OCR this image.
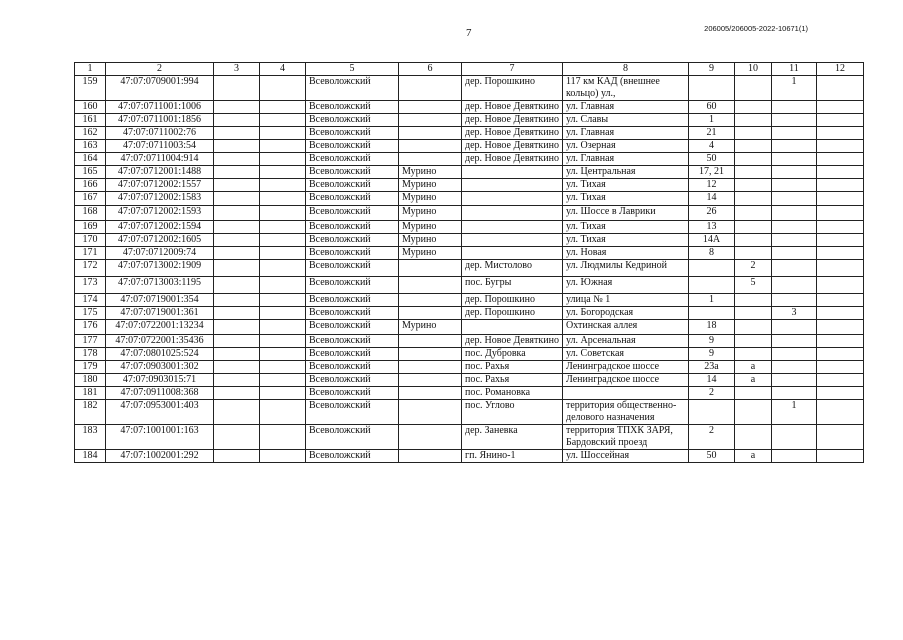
7	206005/206005-2022-10671(1)
1	2	3	4	5	6	7	8	9	10	11	12
159	47:07:0709001:994			Всеволожский		дер. Порошкино	117 км КАД (внешнее кольцо) ул.,			1	
160	47:07:0711001:1006			Всеволожский		дер. Новое Девяткино	ул. Главная	60			
161	47:07:0711001:1856			Всеволожский		дер. Новое Девяткино	ул. Славы	1			
162	47:07:0711002:76			Всеволожский		дер. Новое Девяткино	ул. Главная	21			
163	47:07:0711003:54			Всеволожский		дер. Новое Девяткино	ул. Озерная	4			
164	47:07:0711004:914			Всеволожский		дер. Новое Девяткино	ул. Главная	50			
165	47:07:0712001:1488			Всеволожский	Мурино		ул. Центральная	17, 21			
166	47:07:0712002:1557			Всеволожский	Мурино		ул. Тихая	12			
167	47:07:0712002:1583			Всеволожский	Мурино		ул. Тихая	14			
168	47:07:0712002:1593			Всеволожский	Мурино		ул. Шоссе в Лаврики	26			
169	47:07:0712002:1594			Всеволожский	Мурино		ул. Тихая	13			
170	47:07:0712002:1605			Всеволожский	Мурино		ул. Тихая	14А			
171	47:07:0712009:74			Всеволожский	Мурино		ул. Новая	8			
172	47:07:0713002:1909			Всеволожский		дер. Мистолово	ул. Людмилы Кедриной		2		
173	47:07:0713003:1195			Всеволожский		пос. Бугры	ул. Южная		5		
174	47:07:0719001:354			Всеволожский		дер. Порошкино	улица № 1	1			
175	47:07:0719001:361			Всеволожский		дер. Порошкино	ул. Богородская			3	
176	47:07:0722001:13234			Всеволожский	Мурино		Охтинская аллея	18			
177	47:07:0722001:35436			Всеволожский		дер. Новое Девяткино	ул. Арсенальная	9			
178	47:07:0801025:524			Всеволожский		пос. Дубровка	ул. Советская	9			
179	47:07:0903001:302			Всеволожский		пос. Рахья	Ленинградское шоссе	23а	а		
180	47:07:0903015:71			Всеволожский		пос. Рахья	Ленинградское шоссе	14	а		
181	47:07:0911008:368			Всеволожский		пос. Романовка		2			
182	47:07:0953001:403			Всеволожский		пос. Углово	территория общественно-делового назначения			1	
183	47:07:1001001:163			Всеволожский		дер. Заневка	территория ТПХК ЗАРЯ, Бардовский проезд	2			
184	47:07:1002001:292			Всеволожский		гп. Янино-1	ул. Шоссейная	50	а		
